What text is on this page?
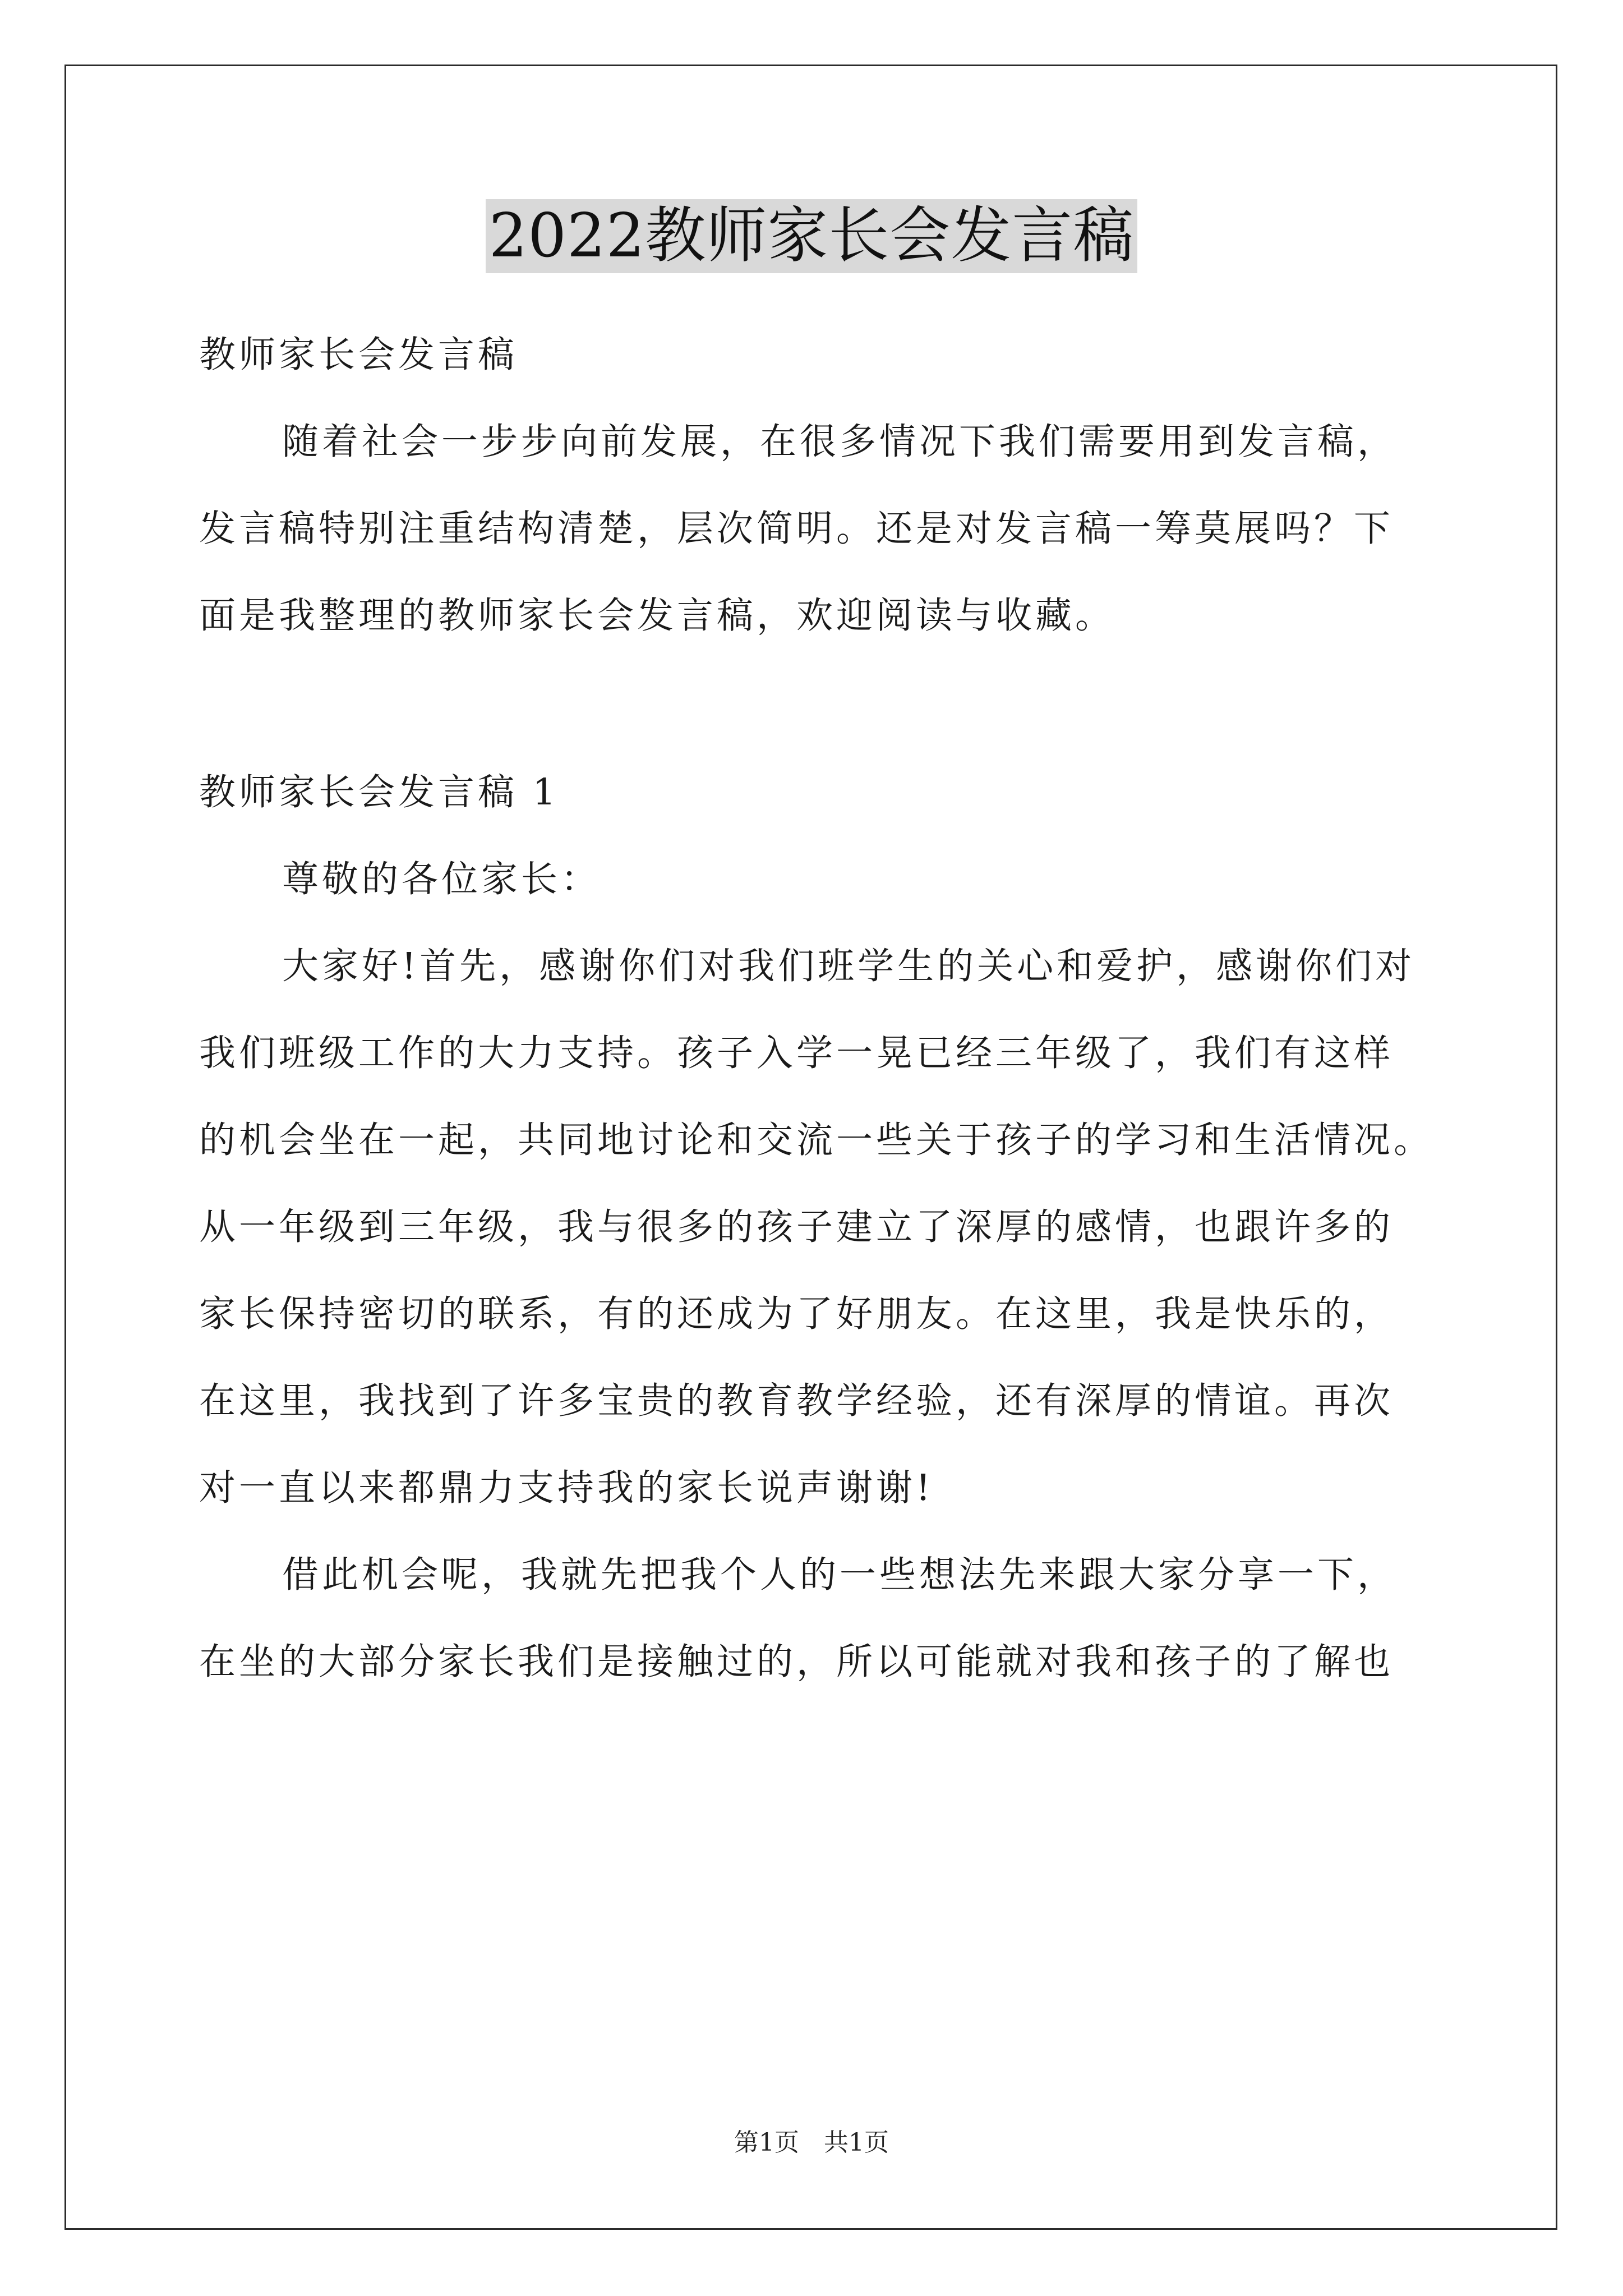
2022教师家长会发言稿
教师家长会发言稿
随着社会一步步向前发展，在很多情况下我们需要用到发言稿，
发言稿特别注重结构清楚，层次简明。还是对发言稿一筹莫展吗？下
面是我整理的教师家长会发言稿，欢迎阅读与收藏。
教师家长会发言稿 1
尊敬的各位家长：
大家好!首先，感谢你们对我们班学生的关心和爱护，感谢你们对
我们班级工作的大力支持。孩子入学一晃已经三年级了，我们有这样
的机会坐在一起，共同地讨论和交流一些关于孩子的学习和生活情况。
从一年级到三年级，我与很多的孩子建立了深厚的感情，也跟许多的
家长保持密切的联系，有的还成为了好朋友。在这里，我是快乐的，
在这里，我找到了许多宝贵的教育教学经验，还有深厚的情谊。再次
对一直以来都鼎力支持我的家长说声谢谢!
借此机会呢，我就先把我个人的一些想法先来跟大家分享一下，
在坐的大部分家长我们是接触过的，所以可能就对我和孩子的了解也
第1页　共1页
